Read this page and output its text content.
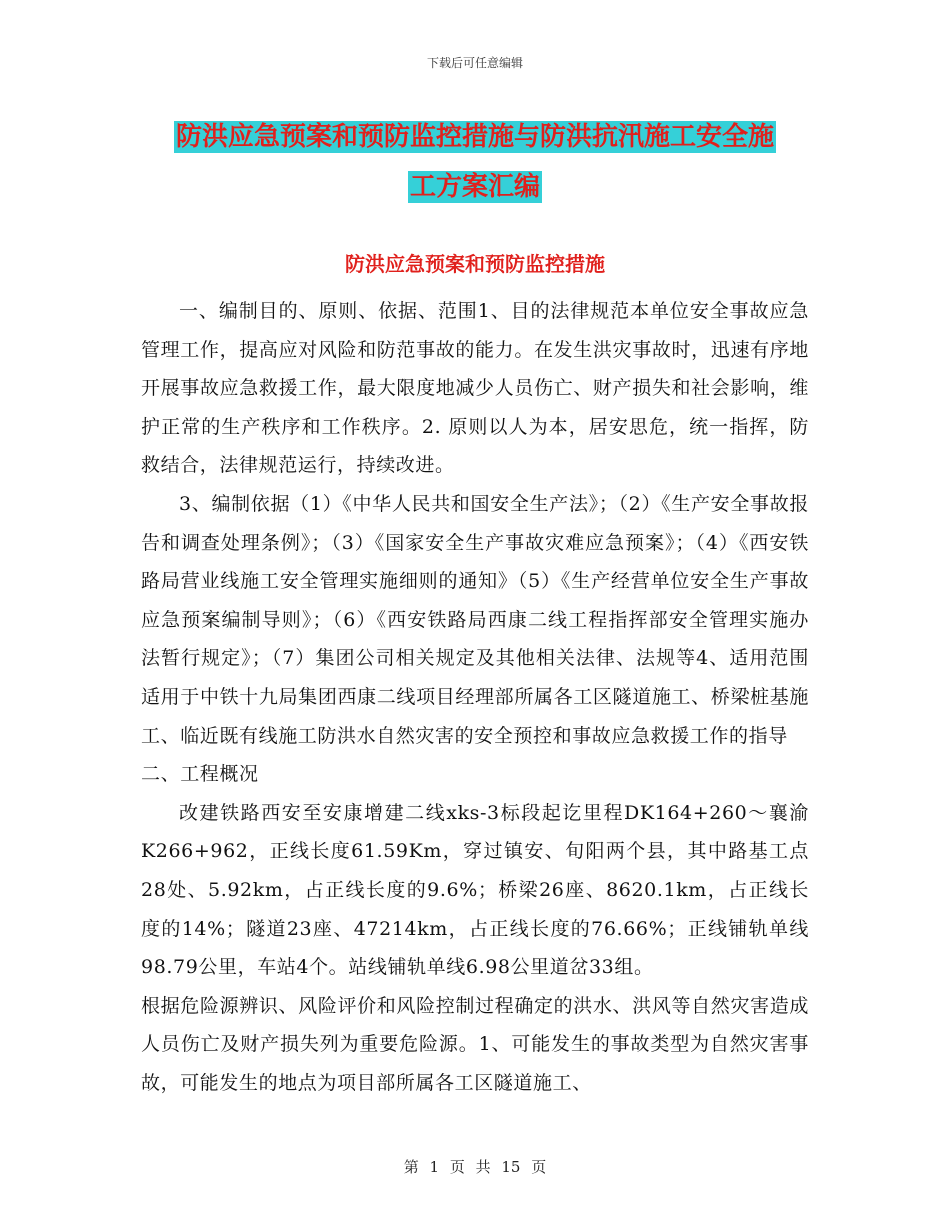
下载后可任意编辑
防洪应急预案和预防监控措施与防洪抗汛施工安全施
工方案汇编
防洪应急预案和预防监控措施

一、编制目的、原则、依据、范围1、目的法律规范本单位安全事故应急管理工作，提高应对风险和防范事故的能力。在发生洪灾事故时，迅速有序地开展事故应急救援工作，最大限度地减少人员伤亡、财产损失和社会影响，维护正常的生产秩序和工作秩序。2. 原则以人为本，居安思危，统一指挥，防救结合，法律规范运行，持续改进。

3、编制依据（1）《中华人民共和国安全生产法》；（2）《生产安全事故报告和调查处理条例》；（3）《国家安全生产事故灾难应急预案》；（4）《西安铁路局营业线施工安全管理实施细则的通知》（5）《生产经营单位安全生产事故应急预案编制导则》；（6）《西安铁路局西康二线工程指挥部安全管理实施办法暂行规定》；（7）集团公司相关规定及其他相关法律、法规等4、适用范围适用于中铁十九局集团西康二线项目经理部所属各工区隧道施工、桥梁桩基施工、临近既有线施工防洪水自然灾害的安全预控和事故应急救援工作的指导

二、工程概况

改建铁路西安至安康增建二线xks-3标段起讫里程DK164+260～襄渝K266+962，正线长度61.59Km，穿过镇安、旬阳两个县，其中路基工点28处、5.92km，占正线长度的9.6%；桥梁26座、8620.1km，占正线长度的14%；隧道23座、47214km，占正线长度的76.66%；正线铺轨单线98.79公里，车站4个。站线铺轨单线6.98公里道岔33组。

根据危险源辨识、风险评价和风险控制过程确定的洪水、洪风等自然灾害造成人员伤亡及财产损失列为重要危险源。1、可能发生的事故类型为自然灾害事故，可能发生的地点为项目部所属各工区隧道施工、

第 1 页 共 15 页
